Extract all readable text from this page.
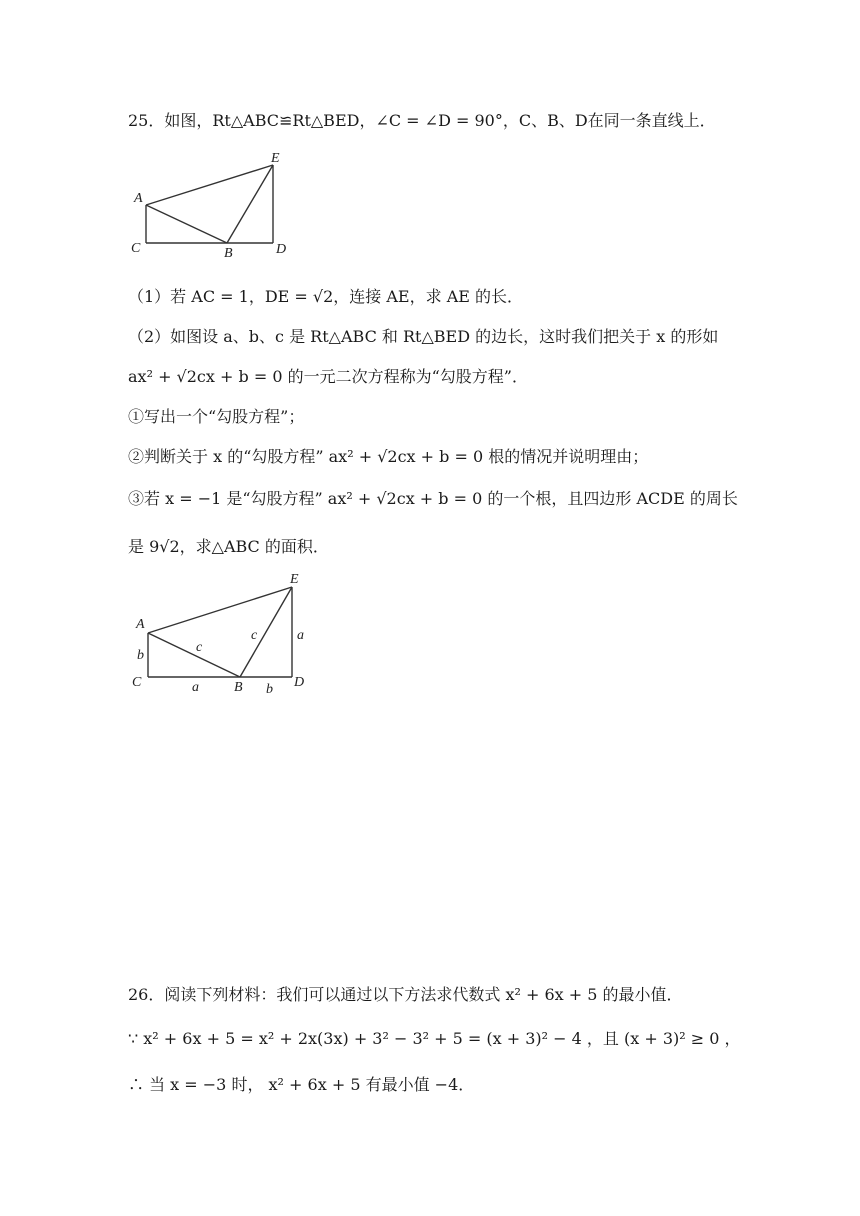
25．如图，Rt△ABC≌Rt△BED，∠C = ∠D = 90°，C、B、D在同一条直线上．
E
A
C	B	D
（1）若 AC = 1，DE = √2，连接 AE，求 AE 的长．
（2）如图设 a、b、c 是 Rt△ABC 和 Rt△BED 的边长，这时我们把关于 x 的形如
ax² + √2cx + b = 0 的一元二次方程称为“勾股方程”．
①写出一个“勾股方程”；
②判断关于 x 的“勾股方程” ax² + √2cx + b = 0 根的情况并说明理由；
③若 x = −1 是“勾股方程” ax² + √2cx + b = 0 的一个根，且四边形 ACDE 的周长
是 9√2，求△ABC 的面积．
E
A
C	B	D
b
c
c	a
a	b
26．阅读下列材料：我们可以通过以下方法求代数式 x² + 6x + 5 的最小值．
∵ x² + 6x + 5 = x² + 2x(3x) + 3² − 3² + 5 = (x + 3)² − 4 ，且 (x + 3)² ≥ 0 ，
∴ 当 x = −3 时， x² + 6x + 5 有最小值 −4．
